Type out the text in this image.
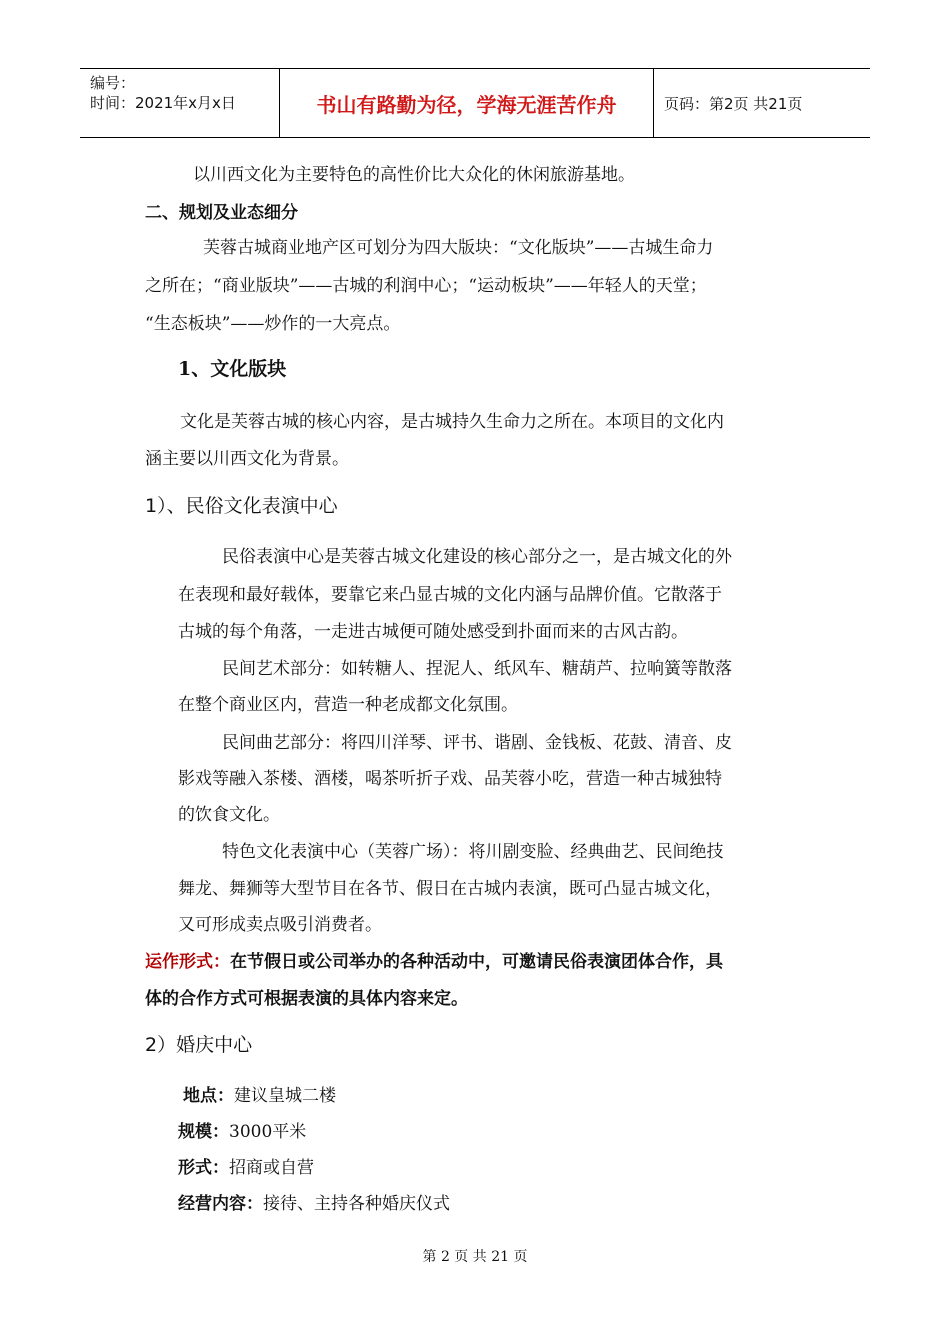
编号：
时间：2021年x月x日	书山有路勤为径，学海无涯苦作舟	页码：第2页 共21页
以川西文化为主要特色的高性价比大众化的休闲旅游基地。
二、规划及业态细分
芙蓉古城商业地产区可划分为四大版块：“文化版块”——古城生命力
之所在；“商业版块”——古城的利润中心；“运动板块”——年轻人的天堂；
“生态板块”——炒作的一大亮点。
1、文化版块
文化是芙蓉古城的核心内容，是古城持久生命力之所在。本项目的文化内
涵主要以川西文化为背景。
1）、民俗文化表演中心
民俗表演中心是芙蓉古城文化建设的核心部分之一，是古城文化的外
在表现和最好载体，要靠它来凸显古城的文化内涵与品牌价值。它散落于
古城的每个角落，一走进古城便可随处感受到扑面而来的古风古韵。
民间艺术部分：如转糖人、捏泥人、纸风车、糖葫芦、拉响簧等散落
在整个商业区内，营造一种老成都文化氛围。
民间曲艺部分：将四川洋琴、评书、谐剧、金钱板、花鼓、清音、皮
影戏等融入茶楼、酒楼，喝茶听折子戏、品芙蓉小吃，营造一种古城独特
的饮食文化。
特色文化表演中心（芙蓉广场）：将川剧变脸、经典曲艺、民间绝技
舞龙、舞狮等大型节目在各节、假日在古城内表演，既可凸显古城文化，
又可形成卖点吸引消费者。
运作形式：在节假日或公司举办的各种活动中，可邀请民俗表演团体合作，具
体的合作方式可根据表演的具体内容来定。
2）婚庆中心
地点：建议皇城二楼
规模：3000平米
形式：招商或自营
经营内容：接待、主持各种婚庆仪式
第 2 页 共 21 页
